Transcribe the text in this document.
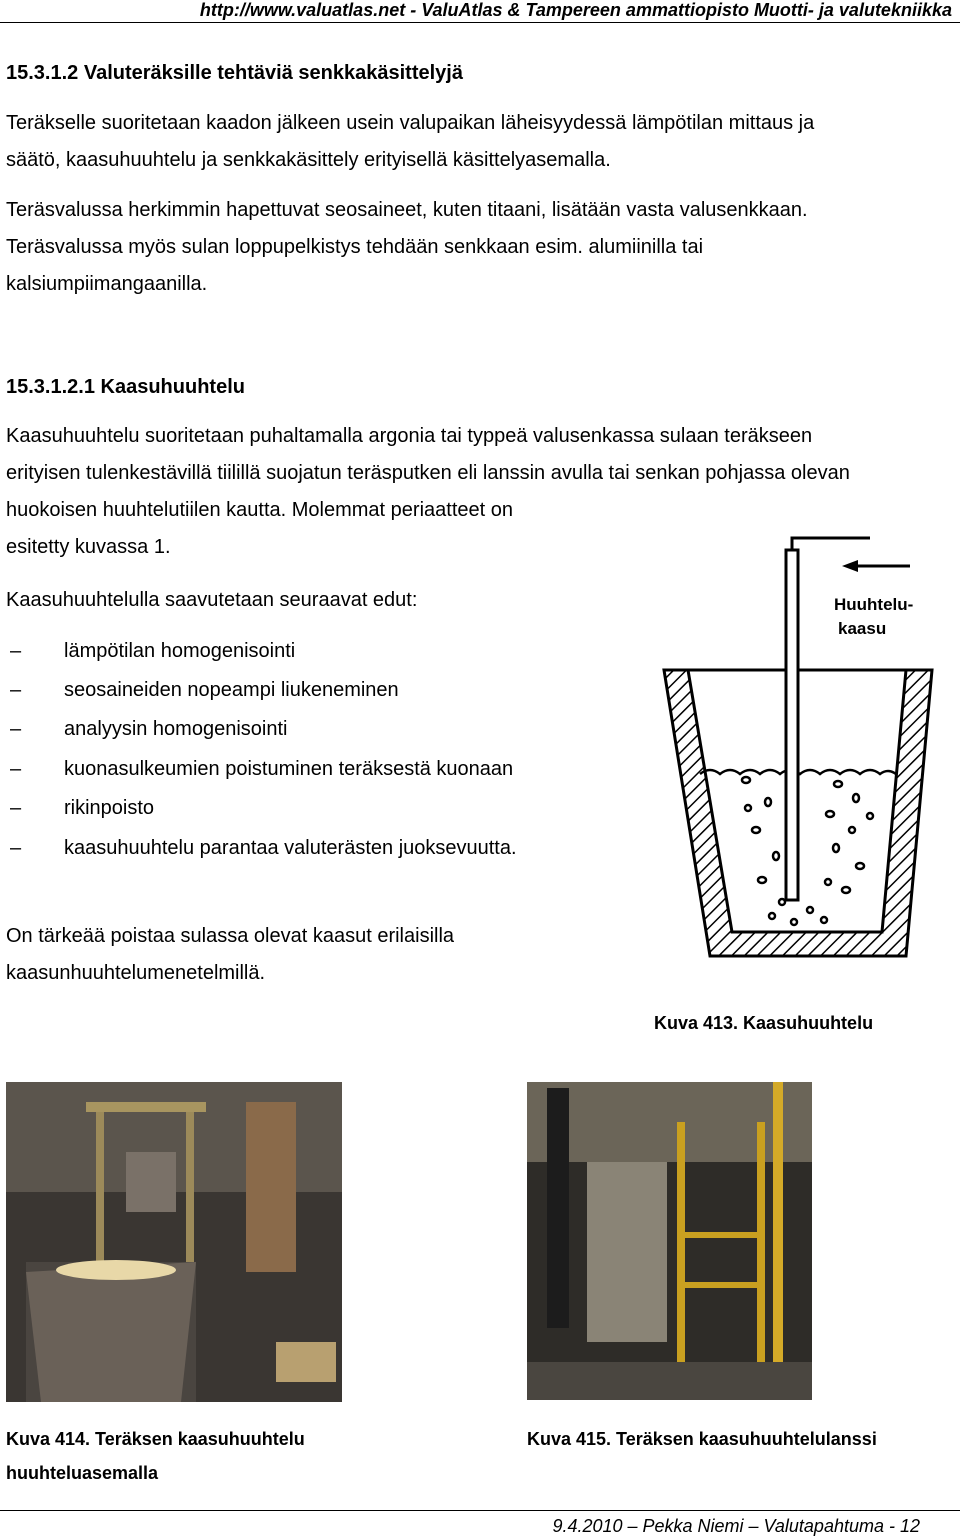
http://www.valuatlas.net - ValuAtlas & Tampereen ammattiopisto Muotti- ja valutekniikka
15.3.1.2 Valuteräksille tehtäviä senkkakäsittelyjä
Teräkselle suoritetaan kaadon jälkeen usein valupaikan läheisyydessä lämpötilan mittaus ja
säätö, kaasuhuuhtelu ja senkkakäsittely erityisellä käsittelyasemalla.
Teräsvalussa herkimmin hapettuvat seosaineet, kuten titaani, lisätään vasta valusenkkaan.
Teräsvalussa myös sulan loppupelkistys tehdään senkkaan esim. alumiinilla tai
kalsiumpiimangaanilla.
15.3.1.2.1 Kaasuhuuhtelu
Kaasuhuuhtelu suoritetaan puhaltamalla argonia tai typpeä valusenkassa sulaan teräkseen
erityisen tulenkestävillä tiilillä suojatun teräsputken eli lanssin avulla tai senkan pohjassa olevan
huokoisen huuhtelutiilen kautta. Molemmat periaatteet on
esitetty kuvassa 1.
Kaasuhuuhtelulla saavutetaan seuraavat edut:
– lämpötilan homogenisointi
– seosaineiden nopeampi liukeneminen
– analyysin homogenisointi
– kuonasulkeumien poistuminen teräksestä kuonaan
– rikinpoisto
– kaasuhuuhtelu parantaa valuterästen juoksevuutta.
On tärkeää poistaa sulassa olevat kaasut erilaisilla
kaasunhuuhtelumenetelmillä.
Huuhtelu-
kaasu
Kuva 413. Kaasuhuuhtelu
Kuva 414. Teräksen kaasuhuuhtelu
huuhteluasemalla
Kuva 415. Teräksen kaasuhuuhtelulanssi
9.4.2010 – Pekka Niemi – Valutapahtuma - 12
